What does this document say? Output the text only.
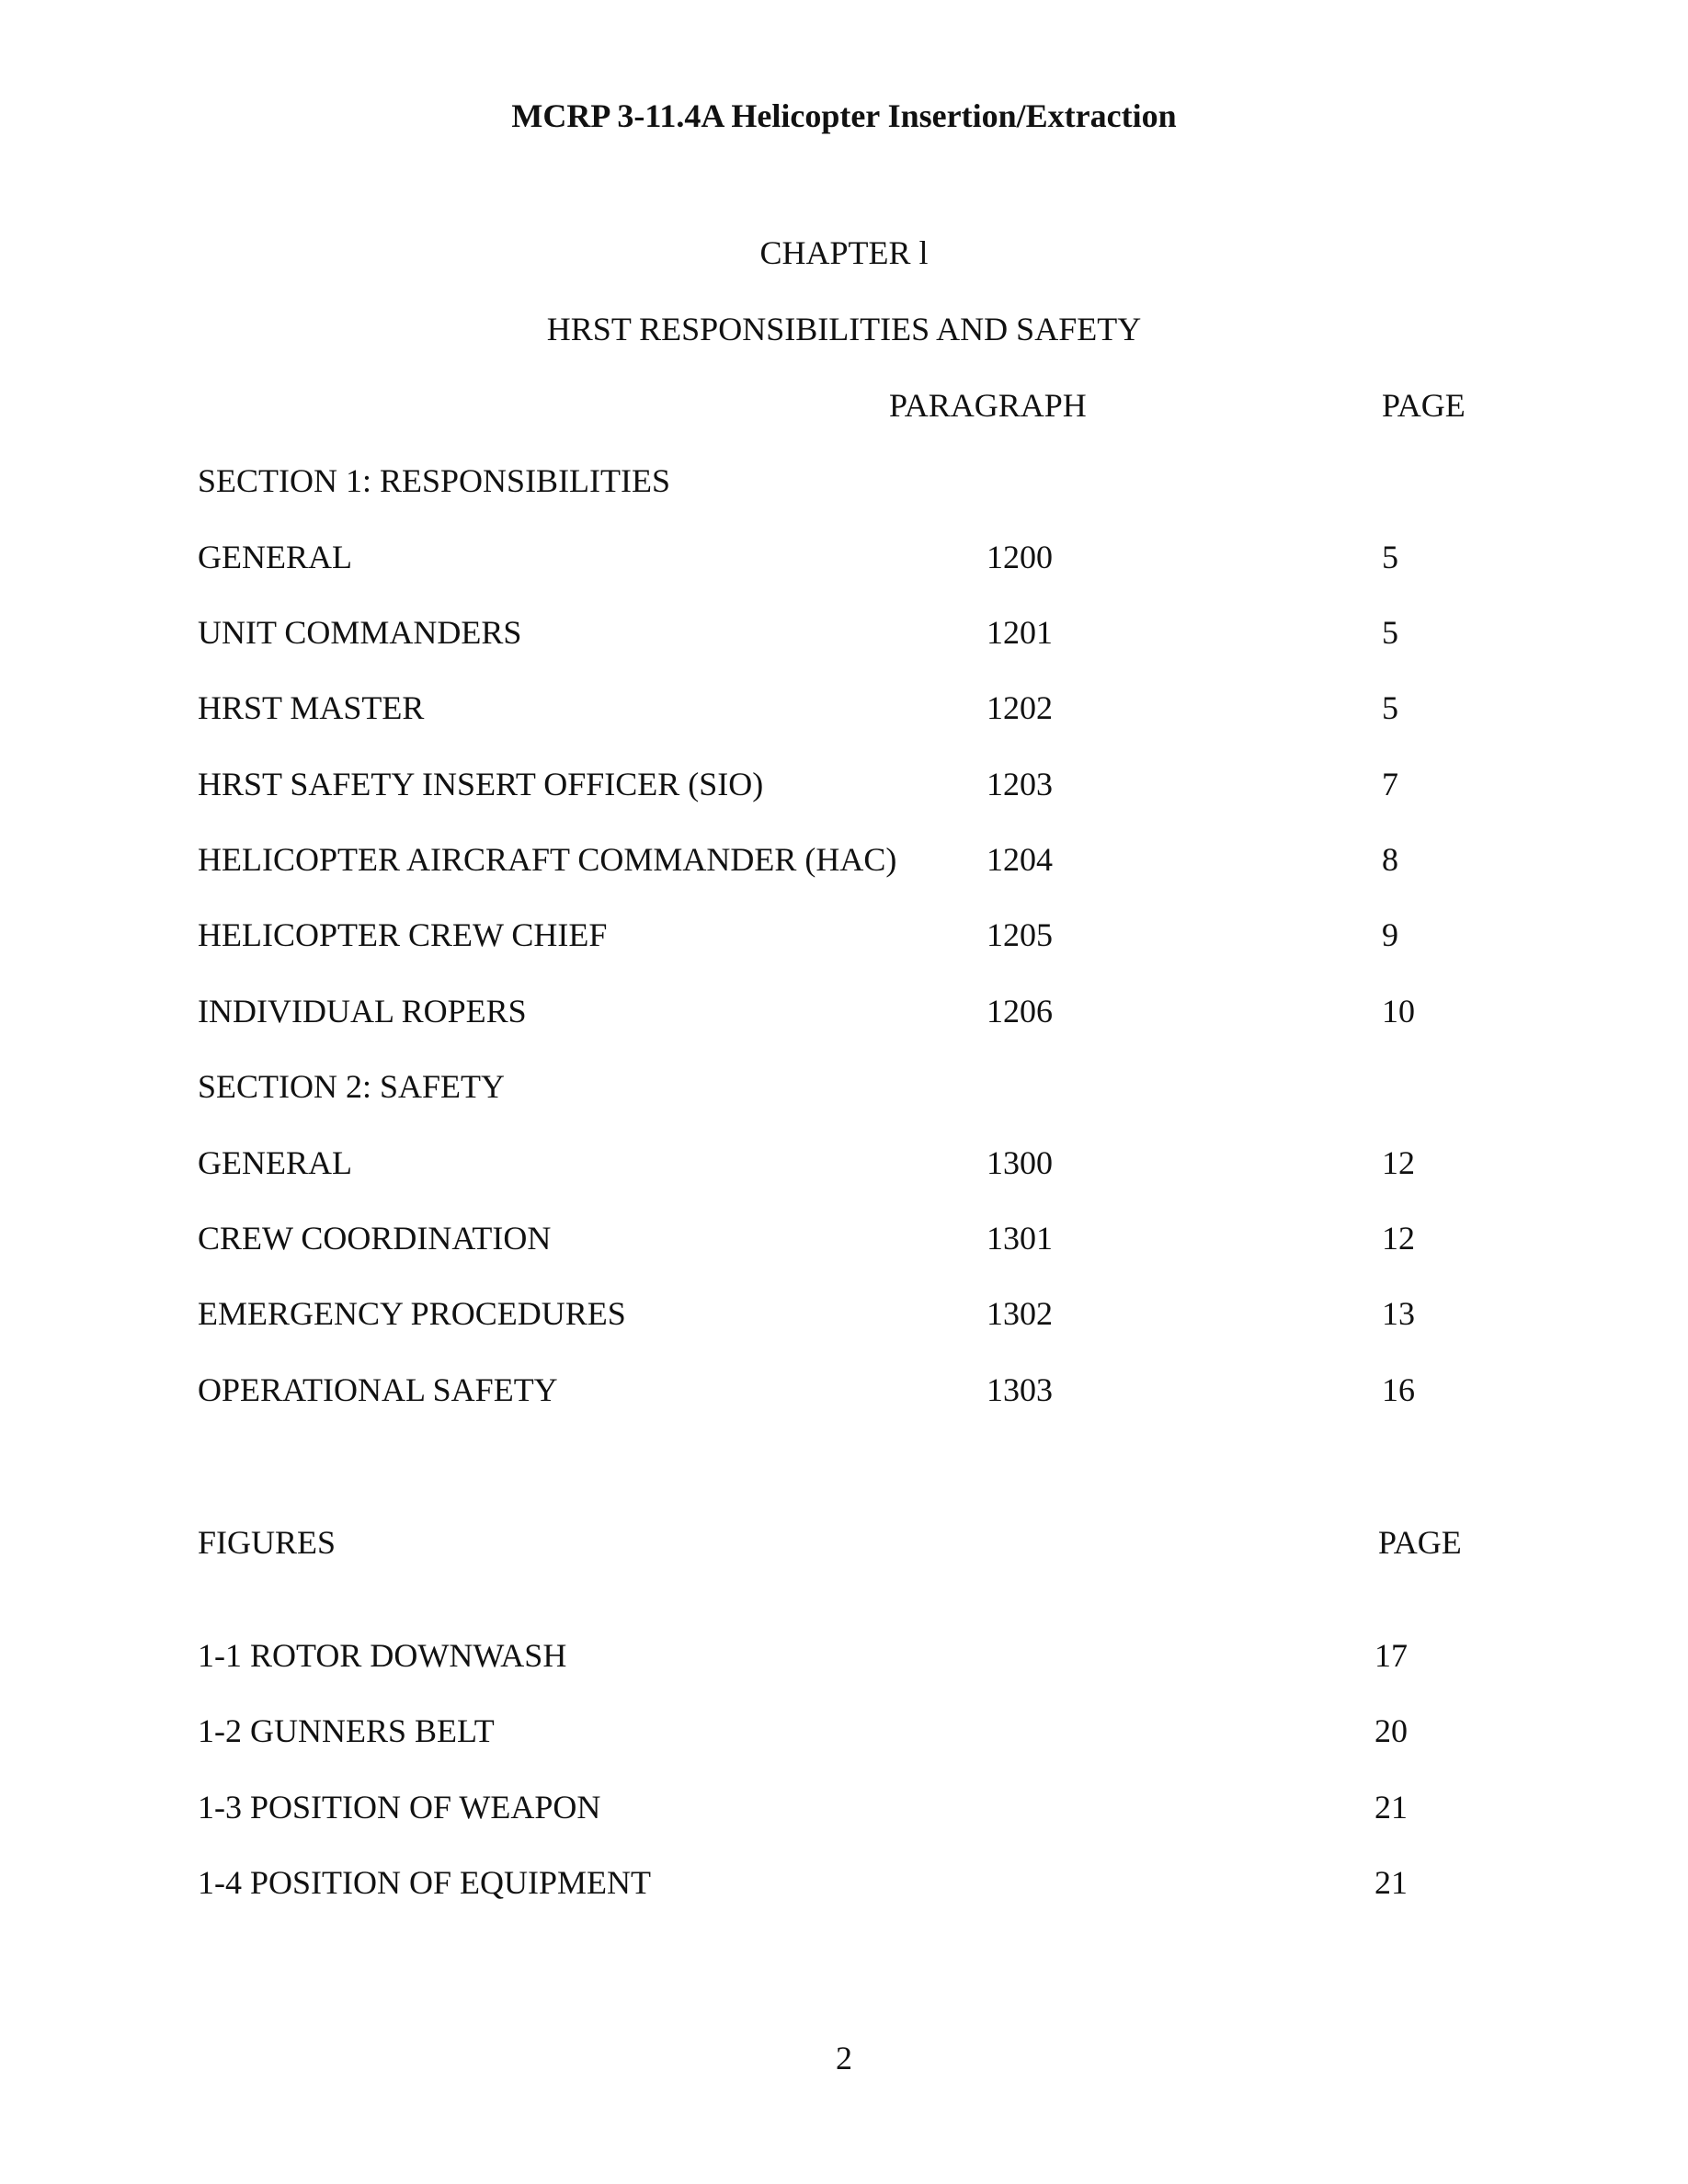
MCRP 3-11.4A Helicopter Insertion/Extraction
CHAPTER l
HRST RESPONSIBILITIES AND SAFETY
PARAGRAPH	PAGE
SECTION 1: RESPONSIBILITIES
GENERAL	1200	5
UNIT COMMANDERS	1201	5
HRST MASTER	1202	5
HRST SAFETY INSERT OFFICER (SIO)	1203	7
HELICOPTER AIRCRAFT COMMANDER (HAC)	1204	8
HELICOPTER CREW CHIEF	1205	9
INDIVIDUAL ROPERS	1206	10
SECTION 2: SAFETY
GENERAL	1300	12
CREW COORDINATION	1301	12
EMERGENCY PROCEDURES	1302	13
OPERATIONAL SAFETY	1303	16
FIGURES	PAGE
1-1 ROTOR DOWNWASH	17
1-2 GUNNERS BELT	20
1-3 POSITION OF WEAPON	21
1-4 POSITION OF EQUIPMENT	21
2
